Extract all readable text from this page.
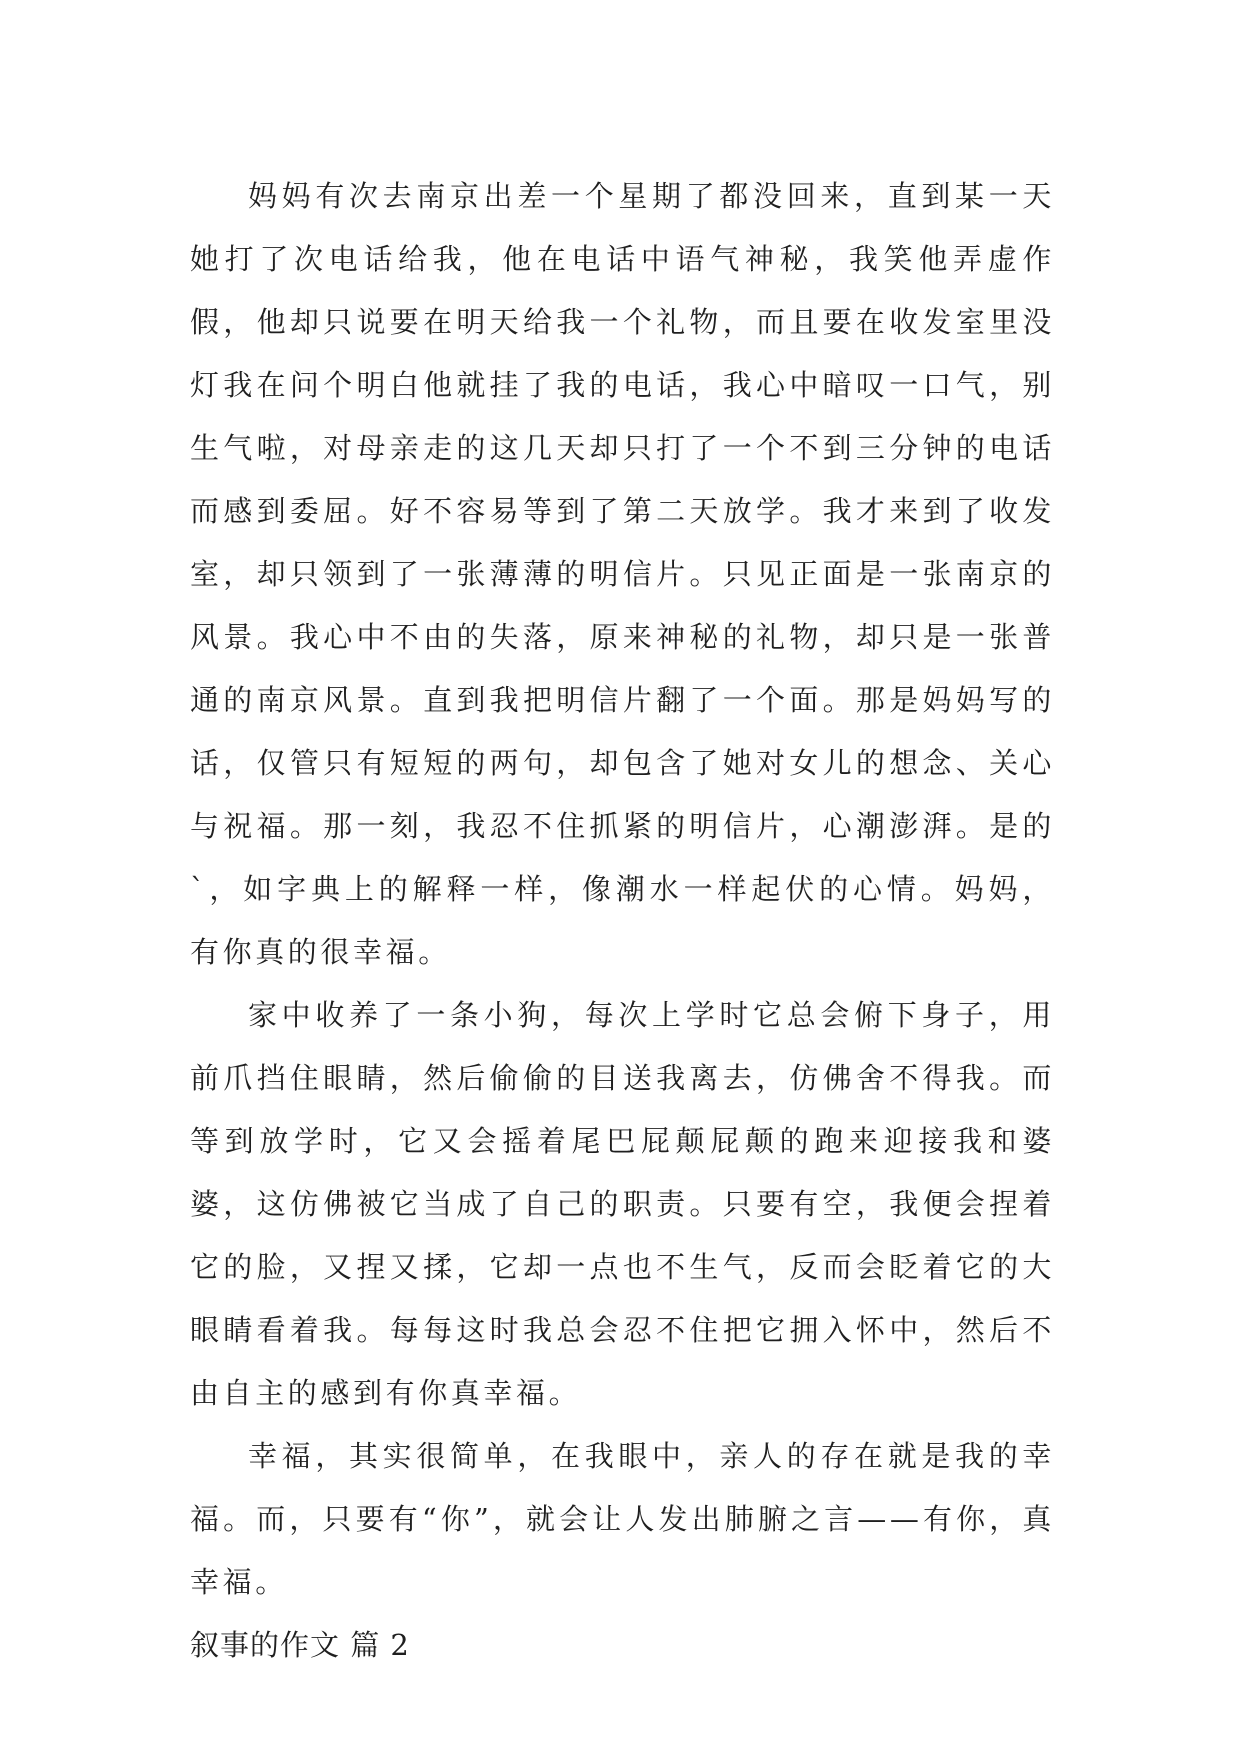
妈妈有次去南京出差一个星期了都没回来，直到某一天她打了次电话给我，他在电话中语气神秘，我笑他弄虚作假，他却只说要在明天给我一个礼物，而且要在收发室里没灯我在问个明白他就挂了我的电话，我心中暗叹一口气，别生气啦，对母亲走的这几天却只打了一个不到三分钟的电话而感到委屈。好不容易等到了第二天放学。我才来到了收发室，却只领到了一张薄薄的明信片。只见正面是一张南京的风景。我心中不由的失落，原来神秘的礼物，却只是一张普通的南京风景。直到我把明信片翻了一个面。那是妈妈写的话，仅管只有短短的两句，却包含了她对女儿的想念、关心与祝福。那一刻，我忍不住抓紧的明信片，心潮澎湃。是的`，如字典上的解释一样，像潮水一样起伏的心情。妈妈，有你真的很幸福。

家中收养了一条小狗，每次上学时它总会俯下身子，用前爪挡住眼睛，然后偷偷的目送我离去，仿佛舍不得我。而等到放学时，它又会摇着尾巴屁颠屁颠的跑来迎接我和婆婆，这仿佛被它当成了自己的职责。只要有空，我便会捏着它的脸，又捏又揉，它却一点也不生气，反而会眨着它的大眼睛看着我。每每这时我总会忍不住把它拥入怀中，然后不由自主的感到有你真幸福。

幸福，其实很简单，在我眼中，亲人的存在就是我的幸福。而，只要有“你”，就会让人发出肺腑之言——有你，真幸福。

叙事的作文 篇 2
